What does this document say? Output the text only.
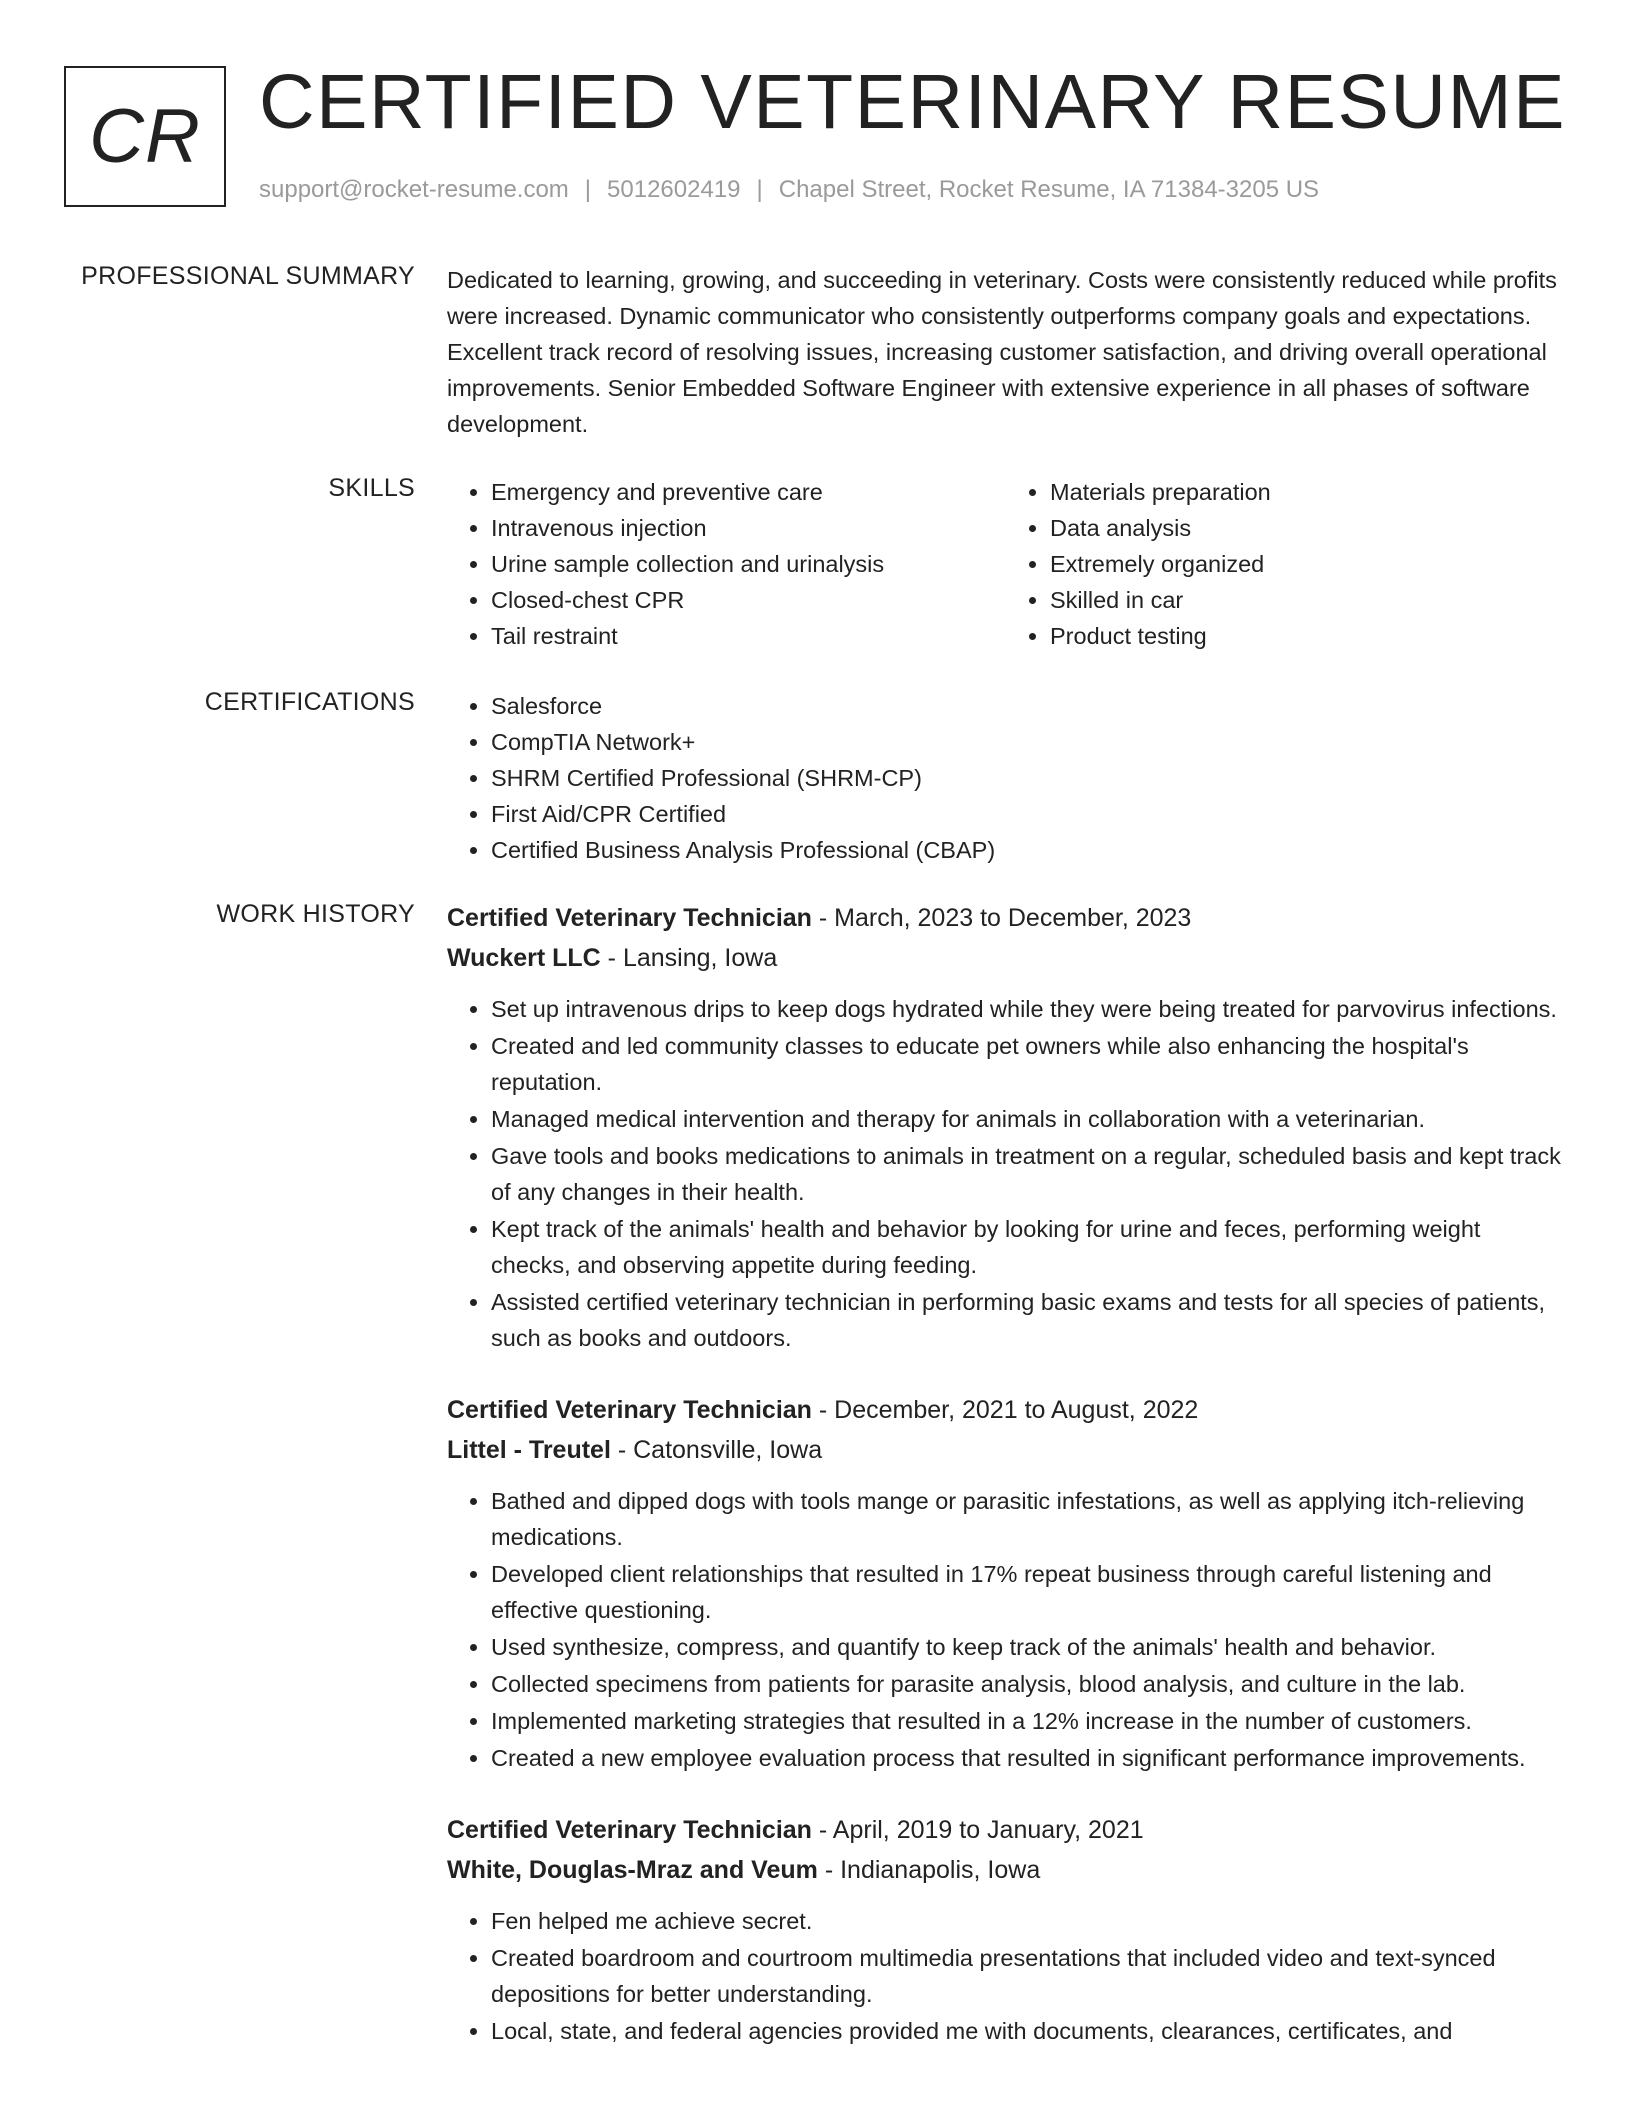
CR CERTIFIED VETERINARY RESUME
support@rocket-resume.com | 5012602419 | Chapel Street, Rocket Resume, IA 71384-3205 US
PROFESSIONAL SUMMARY Dedicated to learning, growing, and succeeding in veterinary. Costs were consistently reduced while profits were increased. Dynamic communicator who consistently outperforms company goals and expectations. Excellent track record of resolving issues, increasing customer satisfaction, and driving overall operational improvements. Senior Embedded Software Engineer with extensive experience in all phases of software development.

SKILLS	• Emergency and preventive care
• Intravenous injection
• Urine sample collection and urinalysis
• Closed-chest CPR
• Tail restraint
• Materials preparation
• Data analysis
• Extremely organized
• Skilled in car
• Product testing
CERTIFICATIONS	• Salesforce
• CompTIA Network+
• SHRM Certified Professional (SHRM-CP)
• First Aid/CPR Certified
• Certified Business Analysis Professional (CBAP)
WORK HISTORY Certified Veterinary Technician - March, 2023 to December, 2023
Wuckert LLC - Lansing, Iowa
• Set up intravenous drips to keep dogs hydrated while they were being treated for parvovirus infections.
• Created and led community classes to educate pet owners while also enhancing the hospital's reputation.
• Managed medical intervention and therapy for animals in collaboration with a veterinarian.
• Gave tools and books medications to animals in treatment on a regular, scheduled basis and kept track of any changes in their health.
• Kept track of the animals' health and behavior by looking for urine and feces, performing weight checks, and observing appetite during feeding.
• Assisted certified veterinary technician in performing basic exams and tests for all species of patients, such as books and outdoors.
Certified Veterinary Technician - December, 2021 to August, 2022
Littel - Treutel - Catonsville, Iowa
• Bathed and dipped dogs with tools mange or parasitic infestations, as well as applying itch-relieving medications.
• Developed client relationships that resulted in 17% repeat business through careful listening and effective questioning.
• Used synthesize, compress, and quantify to keep track of the animals' health and behavior.
• Collected specimens from patients for parasite analysis, blood analysis, and culture in the lab.
• Implemented marketing strategies that resulted in a 12% increase in the number of customers.
• Created a new employee evaluation process that resulted in significant performance improvements.
Certified Veterinary Technician - April, 2019 to January, 2021
White, Douglas-Mraz and Veum - Indianapolis, Iowa
• Fen helped me achieve secret.
• Created boardroom and courtroom multimedia presentations that included video and text-synced depositions for better understanding.
• Local, state, and federal agencies provided me with documents, clearances, certificates, and
